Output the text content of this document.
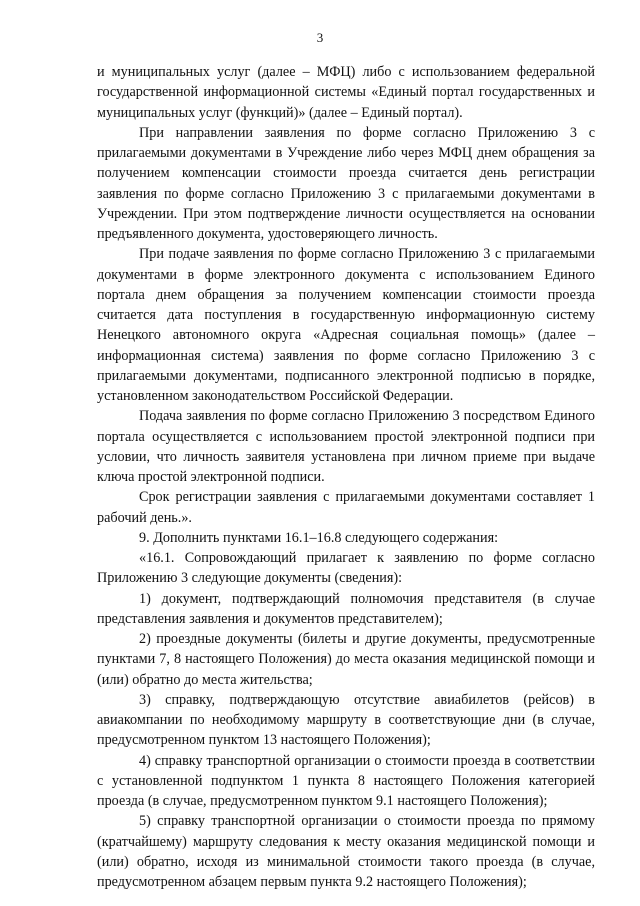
3

и муниципальных услуг (далее – МФЦ) либо с использованием федеральной государственной информационной системы «Единый портал государственных и муниципальных услуг (функций)» (далее – Единый портал).

При направлении заявления по форме согласно Приложению 3 с прилагаемыми документами в Учреждение либо через МФЦ днем обращения за получением компенсации стоимости проезда считается день регистрации заявления по форме согласно Приложению 3 с прилагаемыми документами в Учреждении. При этом подтверждение личности осуществляется на основании предъявленного документа, удостоверяющего личность.

При подаче заявления по форме согласно Приложению 3 с прилагаемыми документами в форме электронного документа с использованием Единого портала днем обращения за получением компенсации стоимости проезда считается дата поступления в государственную информационную систему Ненецкого автономного округа «Адресная социальная помощь» (далее – информационная система) заявления по форме согласно Приложению 3 с прилагаемыми документами, подписанного электронной подписью в порядке, установленном законодательством Российской Федерации.

Подача заявления по форме согласно Приложению 3 посредством Единого портала осуществляется с использованием простой электронной подписи при условии, что личность заявителя установлена при личном приеме при выдаче ключа простой электронной подписи.

Срок регистрации заявления с прилагаемыми документами составляет 1 рабочий день.».

9. Дополнить пунктами 16.1–16.8 следующего содержания:

«16.1. Сопровождающий прилагает к заявлению по форме согласно Приложению 3 следующие документы (сведения):

1) документ, подтверждающий полномочия представителя (в случае представления заявления и документов представителем);

2) проездные документы (билеты и другие документы, предусмотренные пунктами 7, 8 настоящего Положения) до места оказания медицинской помощи и (или) обратно до места жительства;

3) справку, подтверждающую отсутствие авиабилетов (рейсов) в авиакомпании по необходимому маршруту в соответствующие дни (в случае, предусмотренном пунктом 13 настоящего Положения);

4) справку транспортной организации о стоимости проезда в соответствии с установленной подпунктом 1 пункта 8 настоящего Положения категорией проезда (в случае, предусмотренном пунктом 9.1 настоящего Положения);

5) справку транспортной организации о стоимости проезда по прямому (кратчайшему) маршруту следования к месту оказания медицинской помощи и (или) обратно, исходя из минимальной стоимости такого проезда (в случае, предусмотренном абзацем первым пункта 9.2 настоящего Положения);
